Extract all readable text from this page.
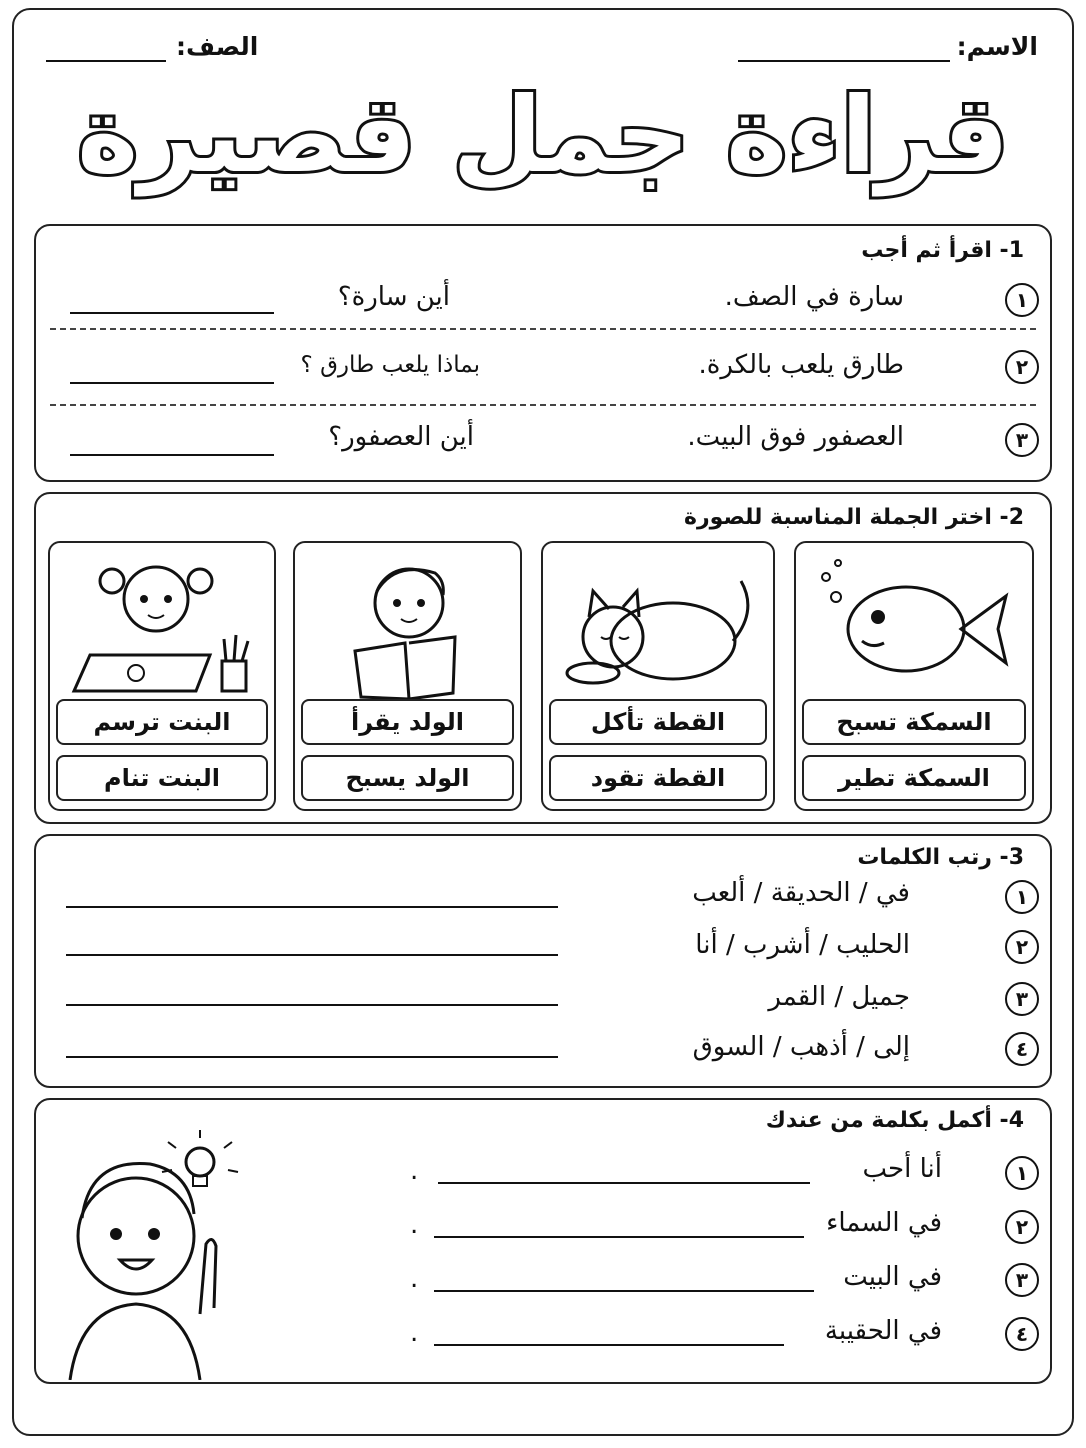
الاسم:
الصف:
قراءة جمل قصيرة
1- اقرأ ثم أجب
١
سارة في الصف.
أين سارة؟
٢
طارق يلعب بالكرة.
بماذا يلعب طارق ؟
٣
العصفور فوق البيت.
أين العصفور؟
2- اختر الجملة المناسبة للصورة
السمكة تسبح
السمكة تطير
القطة تأكل
القطة تقود
الولد يقرأ
الولد يسبح
البنت ترسم
البنت تنام
3- رتب الكلمات
١
في / الحديقة / ألعب
٢
الحليب / أشرب / أنا
٣
جميل / القمر
٤
إلى / أذهب / السوق
4- أكمل بكلمة من عندك
١
أنا أحب
.
٢
في السماء
.
٣
في البيت
.
٤
في الحقيبة
.
